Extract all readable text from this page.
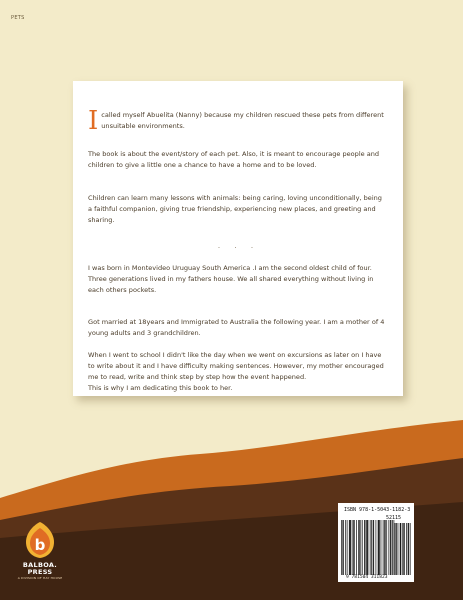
PETS
Icalled myself Abuelita (Nanny) because my children rescued these pets from different unsuitable environments.
The book is about the event/story of each pet. Also, it is meant to encourage people and children to give a little one a chance to have a home and to be loved.
Children can learn many lessons with animals: being caring, loving unconditionally, being a faithful companion, giving true friendship, experiencing new places, and greeting and sharing.
· · ·
I was born in Montevideo Uruguay South America .I am the second oldest child of four. Three generations lived in my fathers house. We all shared everything without living in each others pockets.
Got married at 18years and Immigrated to Australia the following year. I am a mother of 4 young adults and 3 grandchildren.
When I went to school I didn't like the day when we went on excursions as later on I have to write about it and I have difficulty making sentences. However, my mother encouraged me to read, write and think step by step how the event happened.
This is why I am dedicating this book to her.
ISBN 978-1-5043-1182-3
52115
9 781504 311823
b
BALBOA.
PRESS
A DIVISION OF HAY HOUSE
